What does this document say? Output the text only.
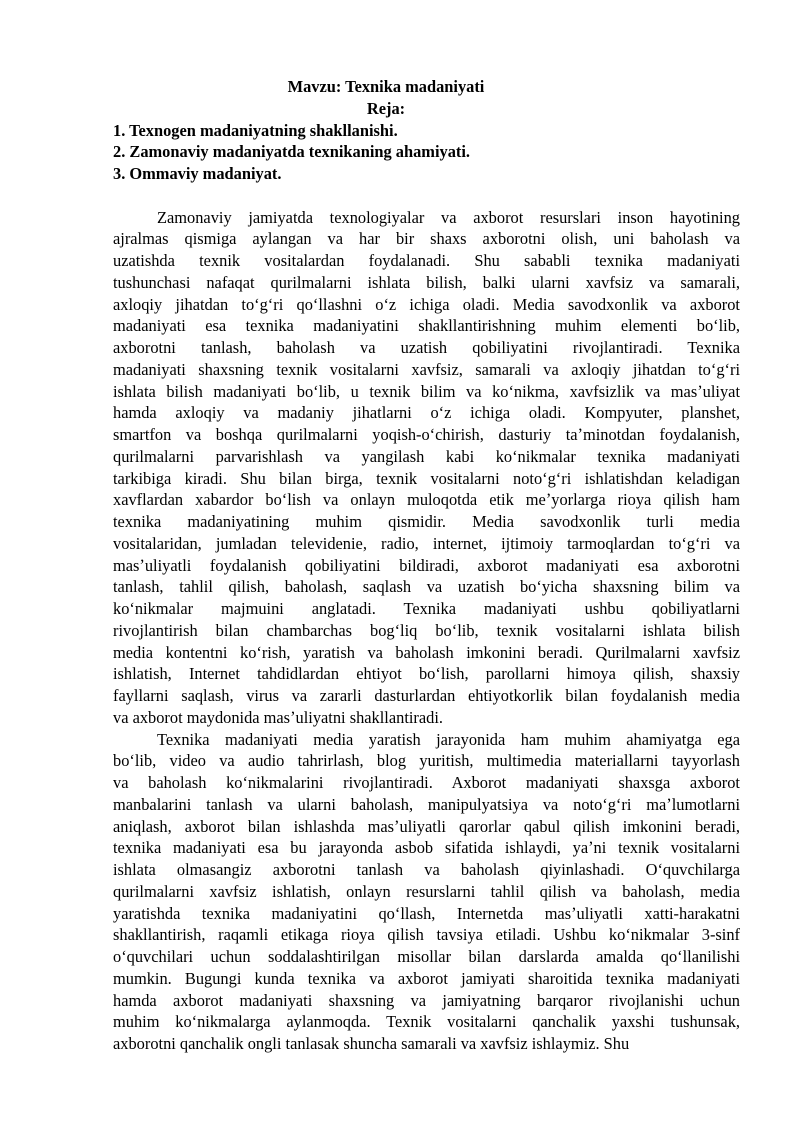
Mavzu: Texnika madaniyati
Reja:
1. Texnogen madaniyatning shakllanishi.
2. Zamonaviy madaniyatda texnikaning ahamiyati.
3. Ommaviy madaniyat.
Zamonaviy jamiyatda texnologiyalar va axborot resurslari inson hayotining
ajralmas qismiga aylangan va har bir shaxs axborotni olish, uni baholash va
uzatishda texnik vositalardan foydalanadi. Shu sababli texnika madaniyati
tushunchasi nafaqat qurilmalarni ishlata bilish, balki ularni xavfsiz va samarali,
axloqiy jihatdan toʻgʻri qoʻllashni oʻz ichiga oladi. Media savodxonlik va axborot
madaniyati esa texnika madaniyatini shakllantirishning muhim elementi boʻlib,
axborotni tanlash, baholash va uzatish qobiliyatini rivojlantiradi. Texnika
madaniyati shaxsning texnik vositalarni xavfsiz, samarali va axloqiy jihatdan toʻgʻri
ishlata bilish madaniyati boʻlib, u texnik bilim va koʻnikma, xavfsizlik va masʼuliyat
hamda axloqiy va madaniy jihatlarni oʻz ichiga oladi. Kompyuter, planshet,
smartfon va boshqa qurilmalarni yoqish-oʻchirish, dasturiy taʼminotdan foydalanish,
qurilmalarni parvarishlash va yangilash kabi koʻnikmalar texnika madaniyati
tarkibiga kiradi. Shu bilan birga, texnik vositalarni notoʻgʻri ishlatishdan keladigan
xavflardan xabardor boʻlish va onlayn muloqotda etik meʼyorlarga rioya qilish ham
texnika madaniyatining muhim qismidir. Media savodxonlik turli media
vositalaridan, jumladan televidenie, radio, internet, ijtimoiy tarmoqlardan toʻgʻri va
masʼuliyatli foydalanish qobiliyatini bildiradi, axborot madaniyati esa axborotni
tanlash, tahlil qilish, baholash, saqlash va uzatish boʻyicha shaxsning bilim va
koʻnikmalar majmuini anglatadi. Texnika madaniyati ushbu qobiliyatlarni
rivojlantirish bilan chambarchas bogʻliq boʻlib, texnik vositalarni ishlata bilish
media kontentni koʻrish, yaratish va baholash imkonini beradi. Qurilmalarni xavfsiz
ishlatish, Internet tahdidlardan ehtiyot boʻlish, parollarni himoya qilish, shaxsiy
fayllarni saqlash, virus va zararli dasturlardan ehtiyotkorlik bilan foydalanish media
va axborot maydonida masʼuliyatni shakllantiradi.
Texnika madaniyati media yaratish jarayonida ham muhim ahamiyatga ega
boʻlib, video va audio tahrirlash, blog yuritish, multimedia materiallarni tayyorlash
va baholash koʻnikmalarini rivojlantiradi. Axborot madaniyati shaxsga axborot
manbalarini tanlash va ularni baholash, manipulyatsiya va notoʻgʻri maʼlumotlarni
aniqlash, axborot bilan ishlashda masʼuliyatli qarorlar qabul qilish imkonini beradi,
texnika madaniyati esa bu jarayonda asbob sifatida ishlaydi, yaʼni texnik vositalarni
ishlata olmasangiz axborotni tanlash va baholash qiyinlashadi. Oʻquvchilarga
qurilmalarni xavfsiz ishlatish, onlayn resurslarni tahlil qilish va baholash, media
yaratishda texnika madaniyatini qoʻllash, Internetda masʼuliyatli xatti-harakatni
shakllantirish, raqamli etikaga rioya qilish tavsiya etiladi. Ushbu koʻnikmalar 3-sinf
oʻquvchilari uchun soddalashtirilgan misollar bilan darslarda amalda qoʻllanilishi
mumkin. Bugungi kunda texnika va axborot jamiyati sharoitida texnika madaniyati
hamda axborot madaniyati shaxsning va jamiyatning barqaror rivojlanishi uchun
muhim koʻnikmalarga aylanmoqda. Texnik vositalarni qanchalik yaxshi tushunsak,
axborotni qanchalik ongli tanlasak shuncha samarali va xavfsiz ishlaymiz. Shu
